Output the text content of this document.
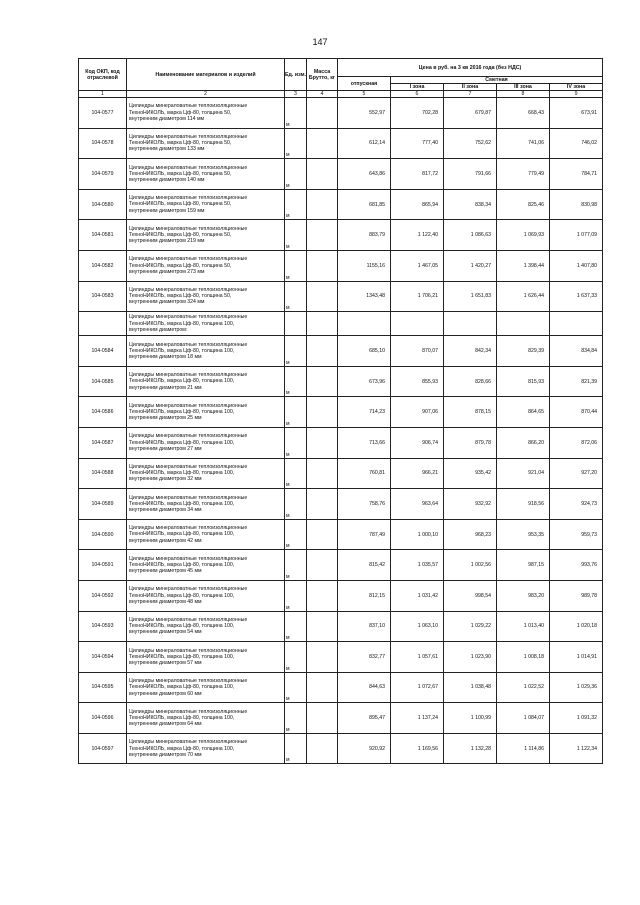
147
Код ОКП, код отраслевой	Наименование материалов и изделий	Ед. изм.	Масса Брутто, кг	Цена в руб. на 3 кв 2016 года (без НДС)				
				отпускная	Сметная			
					I зона	II зона	III зона	IV зона
1	2	3	4	5	6	7	8	9
104-0577	Цилиндры минераловатные теплоизоляционные
ТехноНИКОЛЬ, марка Цф-80, толщина 50,
внутренним диаметром 114 мм	м		552,97	702,28	679,87	668,43	673,91
104-0578	Цилиндры минераловатные теплоизоляционные
ТехноНИКОЛЬ, марка Цф-80, толщина 50,
внутренним диаметром 133 мм	м		612,14	777,40	752,62	741,06	746,02
104-0579	Цилиндры минераловатные теплоизоляционные
ТехноНИКОЛЬ, марка Цф-80, толщина 50,
внутренним диаметром 140 мм	м		643,86	817,72	791,66	779,49	784,71
104-0580	Цилиндры минераловатные теплоизоляционные
ТехноНИКОЛЬ, марка Цф-80, толщина 50,
внутренним диаметром 159 мм	м		681,85	865,94	838,34	825,46	830,98
104-0581	Цилиндры минераловатные теплоизоляционные
ТехноНИКОЛЬ, марка Цф-80, толщина 50,
внутренним диаметром 219 мм	м		883,79	1 122,40	1 086,63	1 069,93	1 077,09
104-0582	Цилиндры минераловатные теплоизоляционные
ТехноНИКОЛЬ, марка Цф-80, толщина 50,
внутренним диаметром 273 мм	м		1155,16	1 467,05	1 420,27	1 398,44	1 407,80
104-0583	Цилиндры минераловатные теплоизоляционные
ТехноНИКОЛЬ, марка Цф-80, толщина 50,
внутренним диаметром 324 мм	м		1343,48	1 706,21	1 651,83	1 626,44	1 637,33

	Цилиндры минераловатные теплоизоляционные
ТехноНИКОЛЬ, марка Цф-80, толщина 100,
внутренним диаметром:							

104-0584	Цилиндры минераловатные теплоизоляционные
ТехноНИКОЛЬ, марка Цф-80, толщина 100,
внутренним диаметром 18 мм	м		685,10	870,07	842,34	829,39	834,84
104-0585	Цилиндры минераловатные теплоизоляционные
ТехноНИКОЛЬ, марка Цф-80, толщина 100,
внутренним диаметром 21 мм	м		673,96	855,93	828,66	815,93	821,39
104-0586	Цилиндры минераловатные теплоизоляционные
ТехноНИКОЛЬ, марка Цф-80, толщина 100,
внутренним диаметром 25 мм	м		714,23	907,06	878,15	864,65	870,44
104-0587	Цилиндры минераловатные теплоизоляционные
ТехноНИКОЛЬ, марка Цф-80, толщина 100,
внутренним диаметром 27 мм	м		713,66	906,74	879,78	866,20	872,06
104-0588	Цилиндры минераловатные теплоизоляционные
ТехноНИКОЛЬ, марка Цф-80, толщина 100,
внутренним диаметром 32 мм	м		760,81	966,21	935,42	921,04	927,20
104-0589	Цилиндры минераловатные теплоизоляционные
ТехноНИКОЛЬ, марка Цф-80, толщина 100,
внутренним диаметром 34 мм	м		758,76	963,64	932,92	918,56	924,73
104-0590	Цилиндры минераловатные теплоизоляционные
ТехноНИКОЛЬ, марка Цф-80, толщина 100,
внутренним диаметром 42 мм	м		787,49	1 000,10	968,23	953,35	959,73
104-0591	Цилиндры минераловатные теплоизоляционные
ТехноНИКОЛЬ, марка Цф-80, толщина 100,
внутренним диаметром 45 мм	м		815,42	1 035,57	1 002,56	987,15	993,76
104-0592	Цилиндры минераловатные теплоизоляционные
ТехноНИКОЛЬ, марка Цф-80, толщина 100,
внутренним диаметром 48 мм	м		812,15	1 031,42	998,54	983,20	989,78
104-0593	Цилиндры минераловатные теплоизоляционные
ТехноНИКОЛЬ, марка Цф-80, толщина 100,
внутренним диаметром 54 мм	м		837,10	1 063,10	1 029,22	1 013,40	1 020,18
104-0594	Цилиндры минераловатные теплоизоляционные
ТехноНИКОЛЬ, марка Цф-80, толщина 100,
внутренним диаметром 57 мм	м		832,77	1 057,61	1 023,90	1 008,18	1 014,91
104-0595	Цилиндры минераловатные теплоизоляционные
ТехноНИКОЛЬ, марка Цф-80, толщина 100,
внутренним диаметром 60 мм	м		844,63	1 072,67	1 038,48	1 022,52	1 029,36
104-0596	Цилиндры минераловатные теплоизоляционные
ТехноНИКОЛЬ, марка Цф-80, толщина 100,
внутренним диаметром 64 мм	м		895,47	1 137,24	1 100,99	1 084,07	1 091,32
104-0597	Цилиндры минераловатные теплоизоляционные
ТехноНИКОЛЬ, марка Цф-80, толщина 100,
внутренним диаметром 70 мм	м		920,92	1 169,56	1 132,28	1 114,86	1 122,34
